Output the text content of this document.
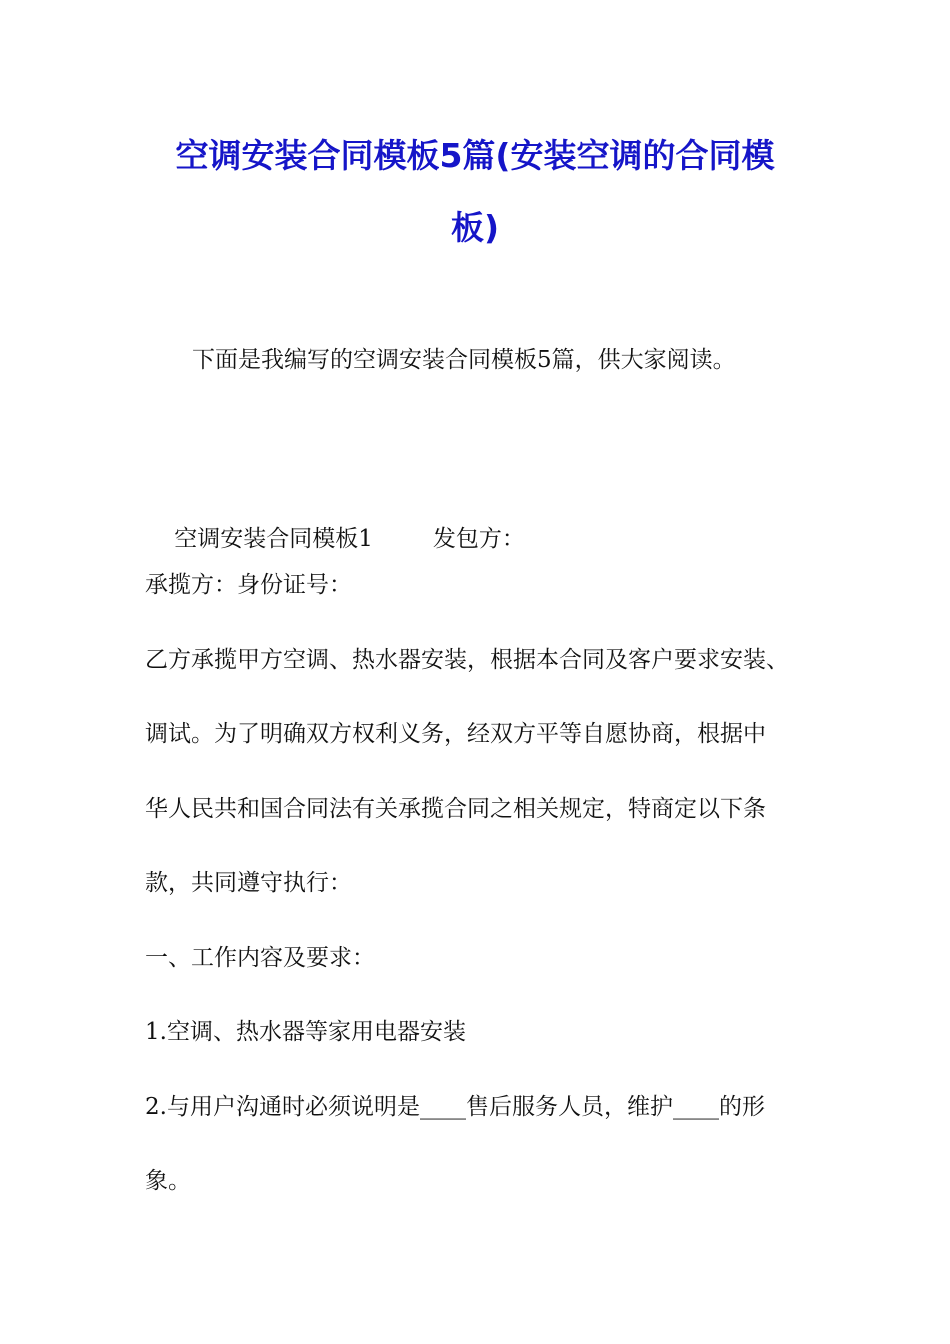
空调安装合同模板5篇(安装空调的合同模
板)
下面是我编写的空调安装合同模板5篇，供大家阅读。

空调安装合同模板1	发包方：

承揽方：身份证号：
乙方承揽甲方空调、热水器安装，根据本合同及客户要求安装、
调试。为了明确双方权利义务，经双方平等自愿协商，根据中
华人民共和国合同法有关承揽合同之相关规定，特商定以下条
款，共同遵守执行：
一、工作内容及要求：
1.空调、热水器等家用电器安装
2.与用户沟通时必须说明是____售后服务人员，维护____的形
象。
